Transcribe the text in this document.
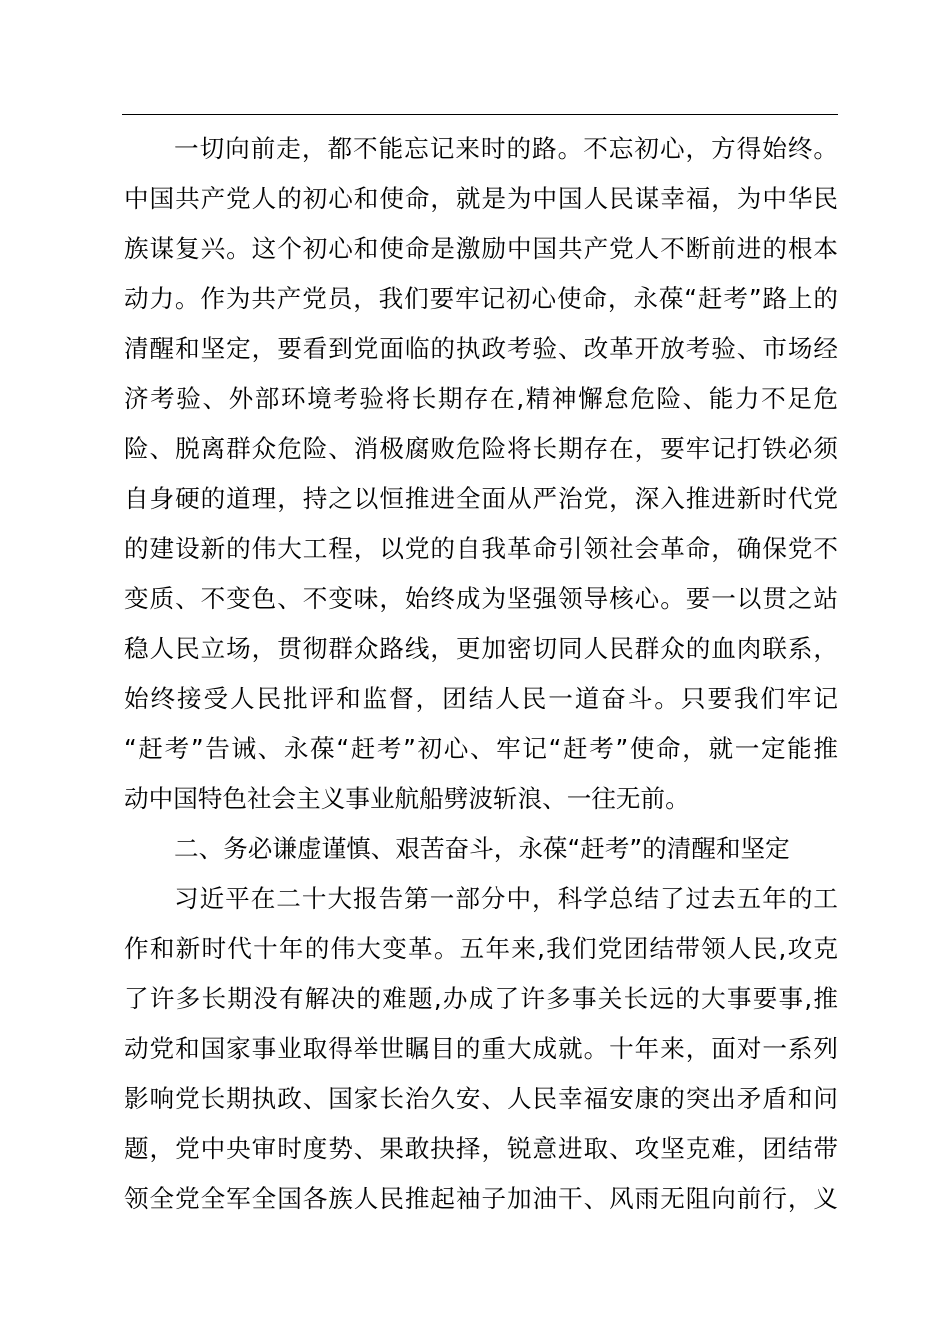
一切向前走，都不能忘记来时的路。不忘初心，方得始终。
中国共产党人的初心和使命，就是为中国人民谋幸福，为中华民
族谋复兴。这个初心和使命是激励中国共产党人不断前进的根本
动力。作为共产党员，我们要牢记初心使命，永葆“赶考”路上的
清醒和坚定，要看到党面临的执政考验、改革开放考验、市场经
济考验、外部环境考验将长期存在,精神懈怠危险、能力不足危
险、脱离群众危险、消极腐败危险将长期存在，要牢记打铁必须
自身硬的道理，持之以恒推进全面从严治党，深入推进新时代党
的建设新的伟大工程，以党的自我革命引领社会革命，确保党不
变质、不变色、不变味，始终成为坚强领导核心。要一以贯之站
稳人民立场，贯彻群众路线，更加密切同人民群众的血肉联系，
始终接受人民批评和监督，团结人民一道奋斗。只要我们牢记
“赶考”告诫、永葆“赶考”初心、牢记“赶考”使命，就一定能推
动中国特色社会主义事业航船劈波斩浪、一往无前。
二、务必谦虚谨慎、艰苦奋斗，永葆“赶考”的清醒和坚定
习近平在二十大报告第一部分中，科学总结了过去五年的工
作和新时代十年的伟大变革。五年来,我们党团结带领人民,攻克
了许多长期没有解决的难题,办成了许多事关长远的大事要事,推
动党和国家事业取得举世瞩目的重大成就。十年来，面对一系列
影响党长期执政、国家长治久安、人民幸福安康的突出矛盾和问
题，党中央审时度势、果敢抉择，锐意进取、攻坚克难，团结带
领全党全军全国各族人民推起袖子加油干、风雨无阻向前行，义
